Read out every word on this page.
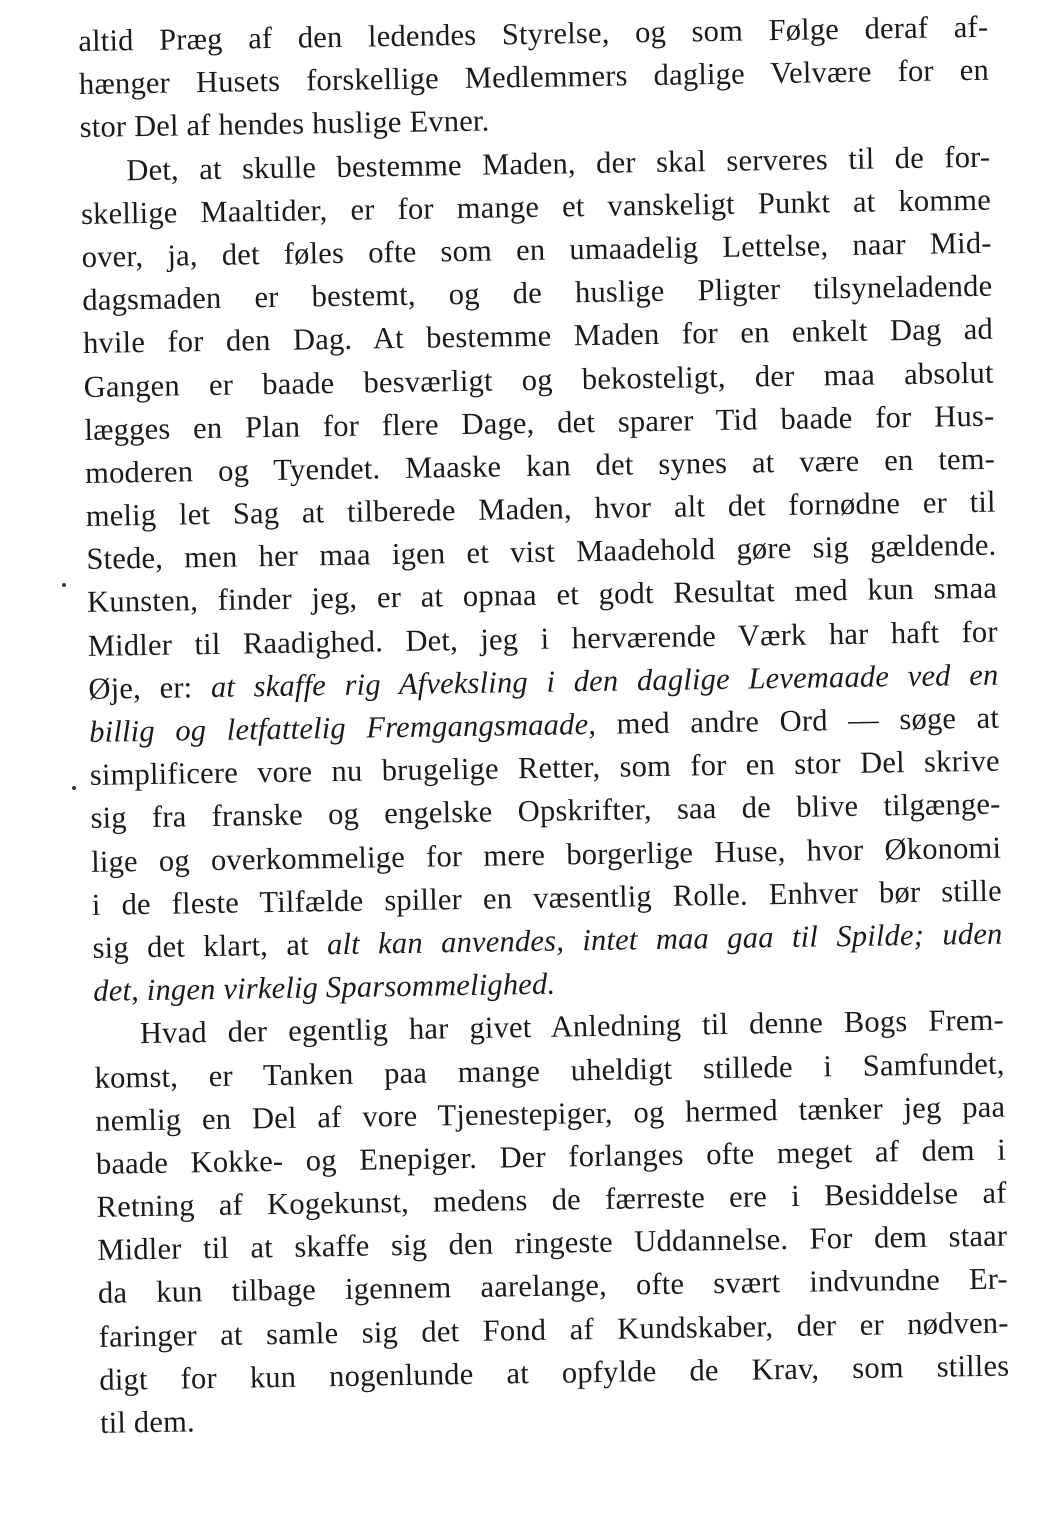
altid Præg af den ledendes Styrelse, og som Følge deraf af-
hænger Husets forskellige Medlemmers daglige Velvære for en
stor Del af hendes huslige Evner.
Det, at skulle bestemme Maden, der skal serveres til de for-
skellige Maaltider, er for mange et vanskeligt Punkt at komme
over, ja, det føles ofte som en umaadelig Lettelse, naar Mid-
dagsmaden er bestemt, og de huslige Pligter tilsyneladende
hvile for den Dag. At bestemme Maden for en enkelt Dag ad
Gangen er baade besværligt og bekosteligt, der maa absolut
lægges en Plan for flere Dage, det sparer Tid baade for Hus-
moderen og Tyendet. Maaske kan det synes at være en tem-
melig let Sag at tilberede Maden, hvor alt det fornødne er til
Stede, men her maa igen et vist Maadehold gøre sig gældende.
Kunsten, finder jeg, er at opnaa et godt Resultat med kun smaa
Midler til Raadighed. Det, jeg i herværende Værk har haft for
Øje, er: at skaffe rig Afveksling i den daglige Levemaade ved en
billig og letfattelig Fremgangsmaade, med andre Ord — søge at
simplificere vore nu brugelige Retter, som for en stor Del skrive
sig fra franske og engelske Opskrifter, saa de blive tilgænge-
lige og overkommelige for mere borgerlige Huse, hvor Økonomi
i de fleste Tilfælde spiller en væsentlig Rolle. Enhver bør stille
sig det klart, at alt kan anvendes, intet maa gaa til Spilde; uden
det, ingen virkelig Sparsommelighed.
Hvad der egentlig har givet Anledning til denne Bogs Frem-
komst, er Tanken paa mange uheldigt stillede i Samfundet,
nemlig en Del af vore Tjenestepiger, og hermed tænker jeg paa
baade Kokke- og Enepiger. Der forlanges ofte meget af dem i
Retning af Kogekunst, medens de færreste ere i Besiddelse af
Midler til at skaffe sig den ringeste Uddannelse. For dem staar
da kun tilbage igennem aarelange, ofte svært indvundne Er-
faringer at samle sig det Fond af Kundskaber, der er nødven-
digt for kun nogenlunde at opfylde de Krav, som stilles
til dem.
